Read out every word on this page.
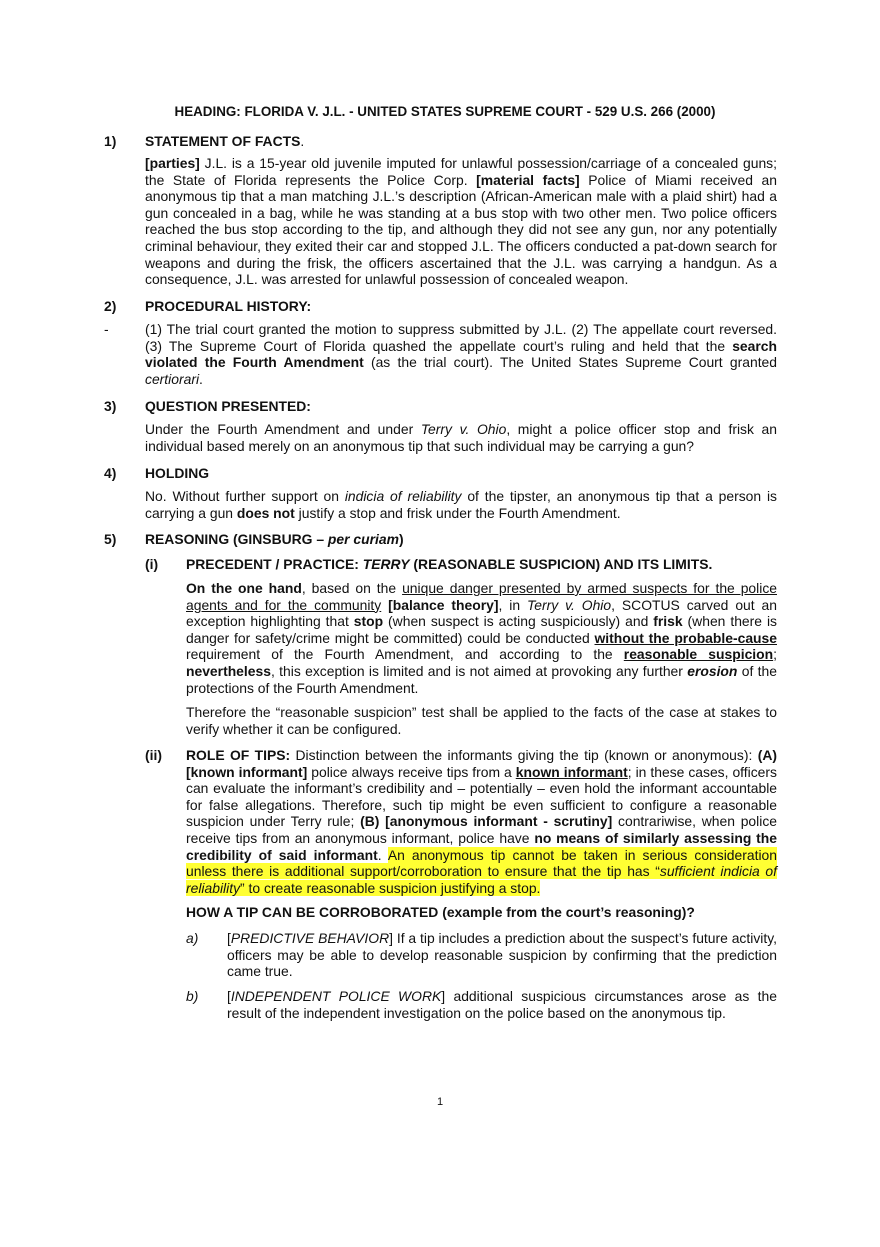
HEADING: FLORIDA V. J.L. - UNITED STATES SUPREME COURT - 529 U.S. 266 (2000)
1) STATEMENT OF FACTS.
[parties] J.L. is a 15-year old juvenile imputed for unlawful possession/carriage of a concealed guns; the State of Florida represents the Police Corp. [material facts] Police of Miami received an anonymous tip that a man matching J.L.’s description (African-American male with a plaid shirt) had a gun concealed in a bag, while he was standing at a bus stop with two other men. Two police officers reached the bus stop according to the tip, and although they did not see any gun, nor any potentially criminal behaviour, they exited their car and stopped J.L. The officers conducted a pat-down search for weapons and during the frisk, the officers ascertained that the J.L. was carrying a handgun. As a consequence, J.L. was arrested for unlawful possession of concealed weapon.
2) PROCEDURAL HISTORY:
-	(1) The trial court granted the motion to suppress submitted by J.L. (2) The appellate court reversed. (3) The Supreme Court of Florida quashed the appellate court’s ruling and held that the search violated the Fourth Amendment (as the trial court). The United States Supreme Court granted certiorari.
3) QUESTION PRESENTED:
Under the Fourth Amendment and under Terry v. Ohio, might a police officer stop and frisk an individual based merely on an anonymous tip that such individual may be carrying a gun?
4) HOLDING
No. Without further support on indicia of reliability of the tipster, an anonymous tip that a person is carrying a gun does not justify a stop and frisk under the Fourth Amendment.
5) REASONING (GINSBURG – per curiam)
(i) PRECEDENT / PRACTICE: TERRY (REASONABLE SUSPICION) AND ITS LIMITS.
On the one hand, based on the unique danger presented by armed suspects for the police agents and for the community [balance theory], in Terry v. Ohio, SCOTUS carved out an exception highlighting that stop (when suspect is acting suspiciously) and frisk (when there is danger for safety/crime might be committed) could be conducted without the probable-cause requirement of the Fourth Amendment, and according to the reasonable suspicion; nevertheless, this exception is limited and is not aimed at provoking any further erosion of the protections of the Fourth Amendment.
Therefore the “reasonable suspicion” test shall be applied to the facts of the case at stakes to verify whether it can be configured.
(ii) ROLE OF TIPS: Distinction between the informants giving the tip (known or anonymous): (A) [known informant] police always receive tips from a known informant; in these cases, officers can evaluate the informant’s credibility and – potentially – even hold the informant accountable for false allegations. Therefore, such tip might be even sufficient to configure a reasonable suspicion under Terry rule; (B) [anonymous informant - scrutiny] contrariwise, when police receive tips from an anonymous informant, police have no means of similarly assessing the credibility of said informant. An anonymous tip cannot be taken in serious consideration unless there is additional support/corroboration to ensure that the tip has “sufficient indicia of reliability” to create reasonable suspicion justifying a stop.
HOW A TIP CAN BE CORROBORATED (example from the court’s reasoning)?
a) [PREDICTIVE BEHAVIOR] If a tip includes a prediction about the suspect’s future activity, officers may be able to develop reasonable suspicion by confirming that the prediction came true.
b) [INDEPENDENT POLICE WORK] additional suspicious circumstances arose as the result of the independent investigation on the police based on the anonymous tip.
1
